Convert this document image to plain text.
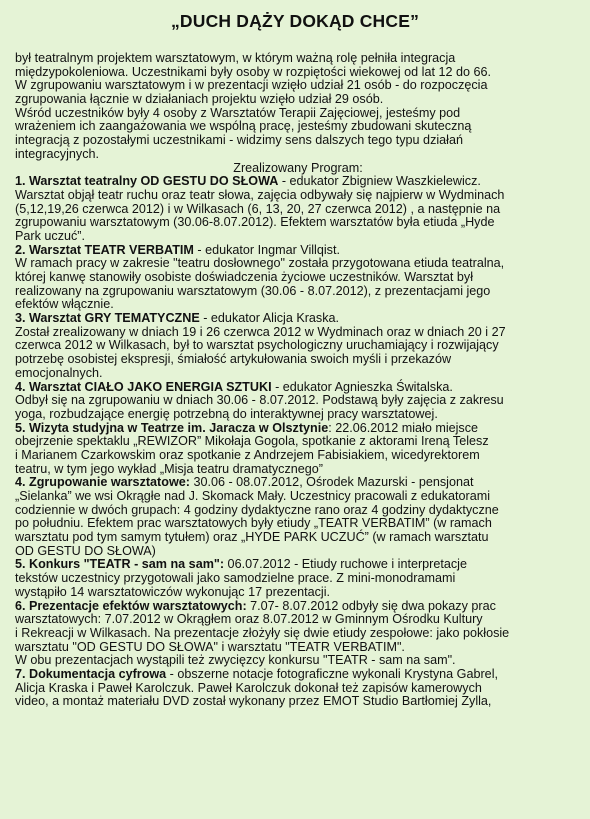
„DUCH DĄŻY DOKĄD CHCE”

był teatralnym projektem warsztatowym, w którym ważną rolę pełniła integracja

międzypokoleniowa. Uczestnikami były osoby w rozpiętości wiekowej od lat 12 do 66.

W zgrupowaniu warsztatowym i w prezentacji wzięło udział 21 osób - do rozpoczęcia

zgrupowania łącznie w działaniach projektu wzięło udział 29 osób.

Wśród uczestników były 4 osoby z Warsztatów Terapii Zajęciowej, jesteśmy pod

wrażeniem ich zaangażowania we wspólną pracę, jesteśmy zbudowani skuteczną

integracją z pozostałymi uczestnikami - widzimy sens dalszych tego typu działań

integracyjnych.

Zrealizowany Program:

1. Warsztat teatralny OD GESTU DO SŁOWA - edukator Zbigniew Waszkielewicz.

Warsztat objął teatr ruchu oraz teatr słowa, zajęcia odbywały się najpierw w Wydminach

(5,12,19,26 czerwca 2012) i w Wilkasach (6, 13, 20, 27 czerwca 2012) , a następnie na

zgrupowaniu warsztatowym (30.06-8.07.2012). Efektem warsztatów była etiuda „Hyde

Park uczuć”.

2. Warsztat TEATR VERBATIM - edukator Ingmar Villqist.

W ramach pracy w zakresie "teatru dosłownego" została przygotowana etiuda teatralna,

której kanwę stanowiły osobiste doświadczenia życiowe uczestników. Warsztat był

realizowany na zgrupowaniu warsztatowym (30.06 - 8.07.2012), z prezentacjami jego

efektów włącznie.

3. Warsztat GRY TEMATYCZNE - edukator Alicja Kraska.

Został zrealizowany w dniach 19 i 26 czerwca 2012 w Wydminach oraz w dniach 20 i 27

czerwca 2012 w Wilkasach, był to warsztat psychologiczny uruchamiający i rozwijający

potrzebę osobistej ekspresji, śmiałość artykułowania swoich myśli i przekazów

emocjonalnych.

4. Warsztat CIAŁO JAKO ENERGIA SZTUKI - edukator Agnieszka Świtalska.

Odbył się na zgrupowaniu w dniach 30.06 - 8.07.2012. Podstawą były zajęcia z zakresu

yoga, rozbudzające energię potrzebną do interaktywnej pracy warsztatowej.

5. Wizyta studyjna w Teatrze im. Jaracza w Olsztynie: 22.06.2012 miało miejsce

obejrzenie spektaklu „REWIZOR” Mikołaja Gogola, spotkanie z aktorami Ireną Telesz

i Marianem Czarkowskim oraz spotkanie z Andrzejem Fabisiakiem, wicedyrektorem

teatru, w tym jego wykład „Misja teatru dramatycznego”

4. Zgrupowanie warsztatowe: 30.06 - 08.07.2012, Ośrodek Mazurski - pensjonat

„Sielanka” we wsi Okrągłe nad J. Skomack Mały. Uczestnicy pracowali z edukatorami

codziennie w dwóch grupach: 4 godziny dydaktyczne rano oraz 4 godziny dydaktyczne

po południu. Efektem prac warsztatowych były etiudy „TEATR VERBATIM” (w ramach

warsztatu pod tym samym tytułem) oraz „HYDE PARK UCZUĆ” (w ramach warsztatu

OD GESTU DO SŁOWA)

5. Konkurs "TEATR - sam na sam": 06.07.2012 - Etiudy ruchowe i interpretacje

tekstów uczestnicy przygotowali jako samodzielne prace. Z mini-monodramami

wystąpiło 14 warsztatowiczów wykonując 17 prezentacji.

6. Prezentacje efektów warsztatowych: 7.07- 8.07.2012 odbyły się dwa pokazy prac

warsztatowych: 7.07.2012 w Okrągłem oraz 8.07.2012 w Gminnym Ośrodku Kultury

i Rekreacji w Wilkasach. Na prezentacje złożyły się dwie etiudy zespołowe: jako pokłosie

warsztatu "OD GESTU DO SŁOWA" i warsztatu "TEATR VERBATIM".

W obu prezentacjach wystąpili też zwycięzcy konkursu "TEATR - sam na sam".

7. Dokumentacja cyfrowa - obszerne notacje fotograficzne wykonali Krystyna Gabrel,

Alicja Kraska i Paweł Karolczuk. Paweł Karolczuk dokonał też zapisów kamerowych

video, a montaż materiału DVD został wykonany przez EMOT Studio Bartłomiej Zylla,
